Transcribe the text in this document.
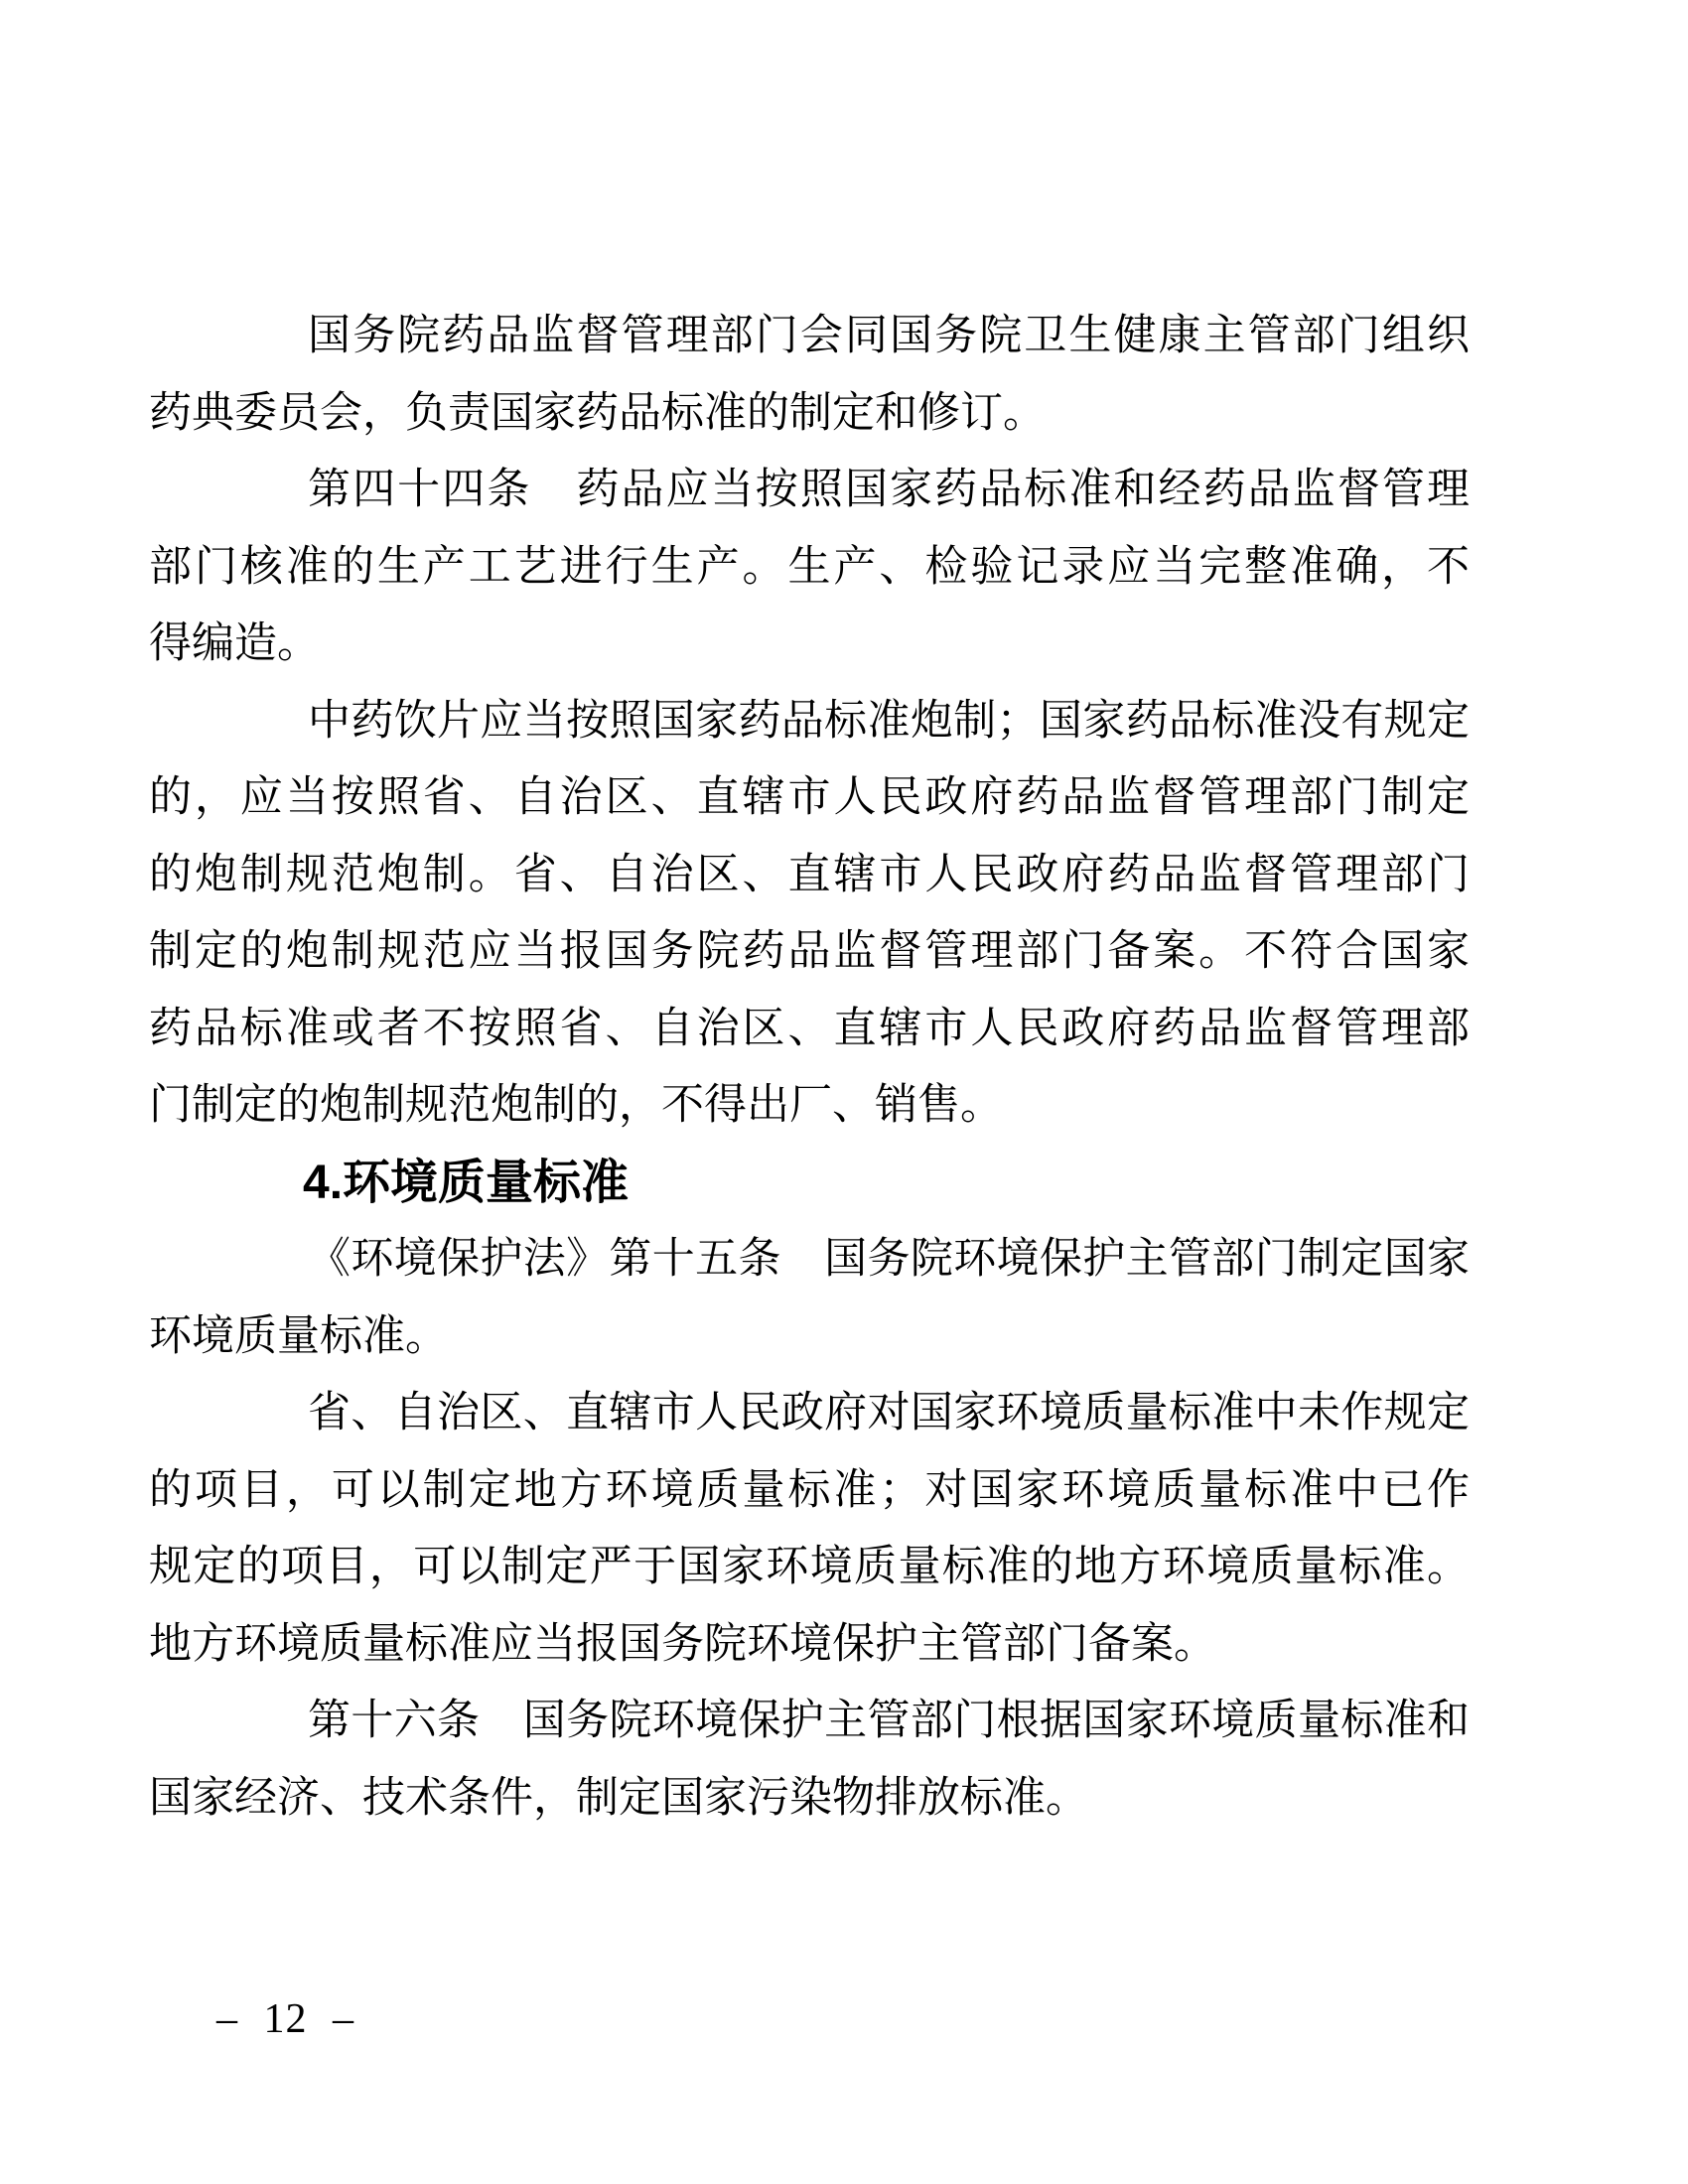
国务院药品监督管理部门会同国务院卫生健康主管部门组织
药典委员会，负责国家药品标准的制定和修订。
第四十四条　药品应当按照国家药品标准和经药品监督管理
部门核准的生产工艺进行生产。生产、检验记录应当完整准确，不
得编造。
中药饮片应当按照国家药品标准炮制；国家药品标准没有规定
的，应当按照省、自治区、直辖市人民政府药品监督管理部门制定
的炮制规范炮制。省、自治区、直辖市人民政府药品监督管理部门
制定的炮制规范应当报国务院药品监督管理部门备案。不符合国家
药品标准或者不按照省、自治区、直辖市人民政府药品监督管理部
门制定的炮制规范炮制的，不得出厂、销售。
4.环境质量标准
《环境保护法》第十五条　国务院环境保护主管部门制定国家
环境质量标准。
省、自治区、直辖市人民政府对国家环境质量标准中未作规定
的项目，可以制定地方环境质量标准；对国家环境质量标准中已作
规定的项目，可以制定严于国家环境质量标准的地方环境质量标准。
地方环境质量标准应当报国务院环境保护主管部门备案。
第十六条　国务院环境保护主管部门根据国家环境质量标准和
国家经济、技术条件，制定国家污染物排放标准。
– 12 –
